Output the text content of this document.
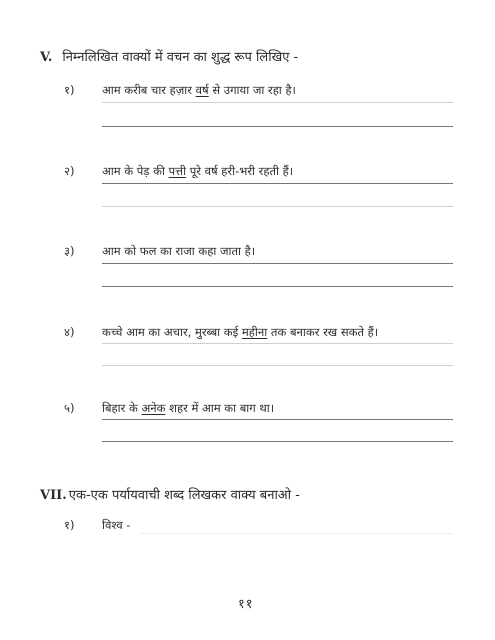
V. निम्नलिखित वाक्यों में वचन का शुद्ध रूप लिखिए -
१) आम करीब चार हज़ार वर्ष से उगाया जा रहा है।
२) आम के पेड़ की पत्ती पूरे वर्ष हरी-भरी रहती हैं।
३) आम को फल का राजा कहा जाता है।
४) कच्चे आम का अचार, मुरब्बा कई महीना तक बनाकर रख सकते हैं।
५) बिहार के अनेक शहर में आम का बाग था।
VII. एक-एक पर्यायवाची शब्द लिखकर वाक्य बनाओ -
१) विश्व -
११
